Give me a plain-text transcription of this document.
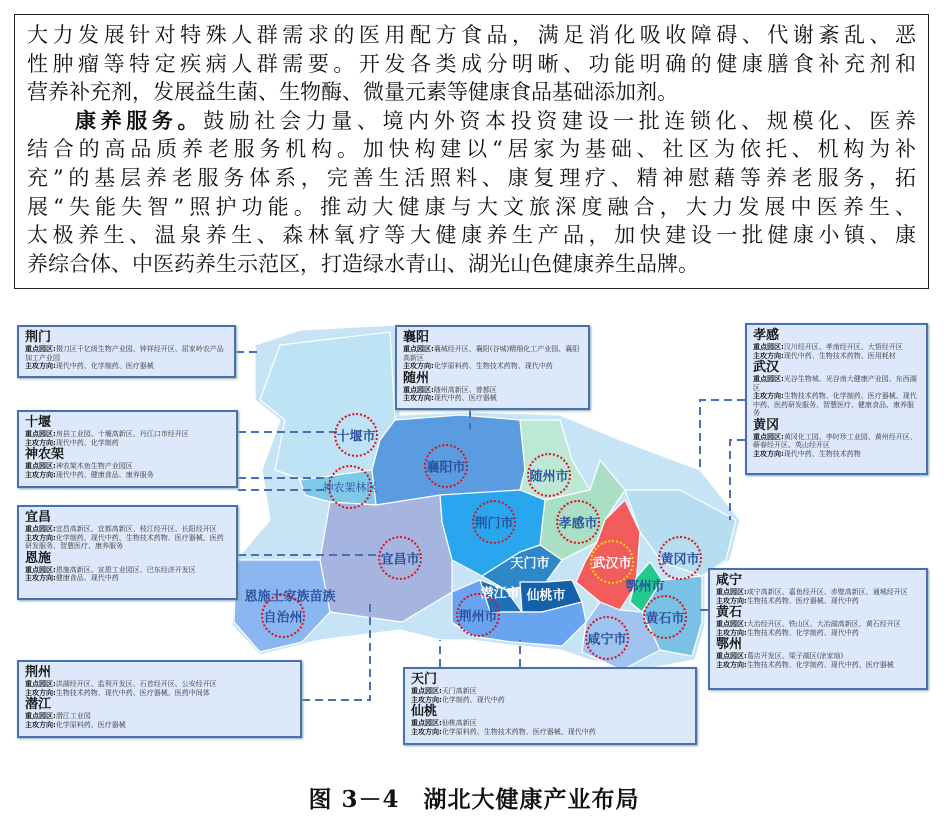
大力发展针对特殊人群需求的医用配方食品，满足消化吸收障碍、代谢紊乱、恶
性肿瘤等特定疾病人群需要。开发各类成分明晰、功能明确的健康膳食补充剂和
营养补充剂，发展益生菌、生物酶、微量元素等健康食品基础添加剂。
康养服务。鼓励社会力量、境内外资本投资建设一批连锁化、规模化、医养
结合的高品质养老服务机构。加快构建以“居家为基础、社区为依托、机构为补
充”的基层养老服务体系，完善生活照料、康复理疗、精神慰藉等养老服务，拓
展“失能失智”照护功能。推动大健康与大文旅深度融合，大力发展中医养生、
太极养生、温泉养生、森林氧疗等大健康养生产品，加快建设一批健康小镇、康
养综合体、中医药养生示范区，打造绿水青山、湖光山色健康养生品牌。
十堰市
神农架林区
襄阳市
随州市
荆门市	孝感市
宜昌市	武汉市 黄冈市
天门市
鄂州市
恩施土家族苗族
自治州
潜江市 仙桃市
荆州市	黄石市
咸宁市
荆门
重点园区:掇刀区千亿级生物产业园、钟祥经开区、屈家岭农产品加工产业园
主攻方向:现代中药、化学制药、医疗器械
十堰
重点园区:房县工业园、十堰高新区、丹江口市经开区
主攻方向:现代中药、化学制药
神农架
重点园区:神农架木鱼生物产业园区
主攻方向:现代中药、健康食品、康养服务
宜昌
重点园区:宜昌高新区、宜都高新区、枝江经开区、长阳经开区
主攻方向:化学制药、现代中药、生物技术药物、医疗器械、医药研发服务、智慧医疗、康养服务
恩施
重点园区:恩施高新区、宣恩工业园区、巴东经济开发区
主攻方向:健康食品、现代中药
襄阳
重点园区:襄城经开区、襄阳(谷城)精细化工产业园、襄阳高新区
主攻方向:化学原料药、生物技术药物、现代中药
随州
重点园区:随州高新区、曾都区
主攻方向:现代中药、医疗器械
孝感
重点园区:汉川经开区、孝南经开区、大悟经开区
主攻方向:现代中药、生物技术药物、医用耗材
武汉
重点园区:光谷生物城、光谷南大健康产业园、东西湖区
主攻方向:生物技术药物、化学制药、医疗器械、现代中药、医药研发服务、智慧医疗、健康食品、康养服务
黄冈
重点园区:黄冈化工园、李时珍工业园、黄州经开区、蕲春经开区、英山经开区
主攻方向:现代中药、生物技术药物
咸宁
重点园区:咸宁高新区、嘉鱼经开区、赤壁高新区、通城经开区
主攻方向:生物技术药物、医疗器械、现代中药
黄石
重点园区:大冶经开区、铁山区、大冶湖高新区、黄石经开区
主攻方向:生物技术药物、化学制药、现代中药
鄂州
重点园区:葛店开发区、梁子湖区(涂家垴)
主攻方向:生物技术药物、化学制药、现代中药、医疗器械
荆州
重点园区:洪湖经开区、监利开发区、石首经开区、公安经开区
主攻方向:生物技术药物、现代中药、医疗器械、医药中间体
潜江
重点园区:潜江工业园
主攻方向:化学原料药、医疗器械
天门
重点园区:天门高新区
主攻方向:化学制药、现代中药
仙桃
重点园区:仙桃高新区
主攻方向:化学原料药、生物技术药物、医疗器械、现代中药
图 3－4　湖北大健康产业布局
